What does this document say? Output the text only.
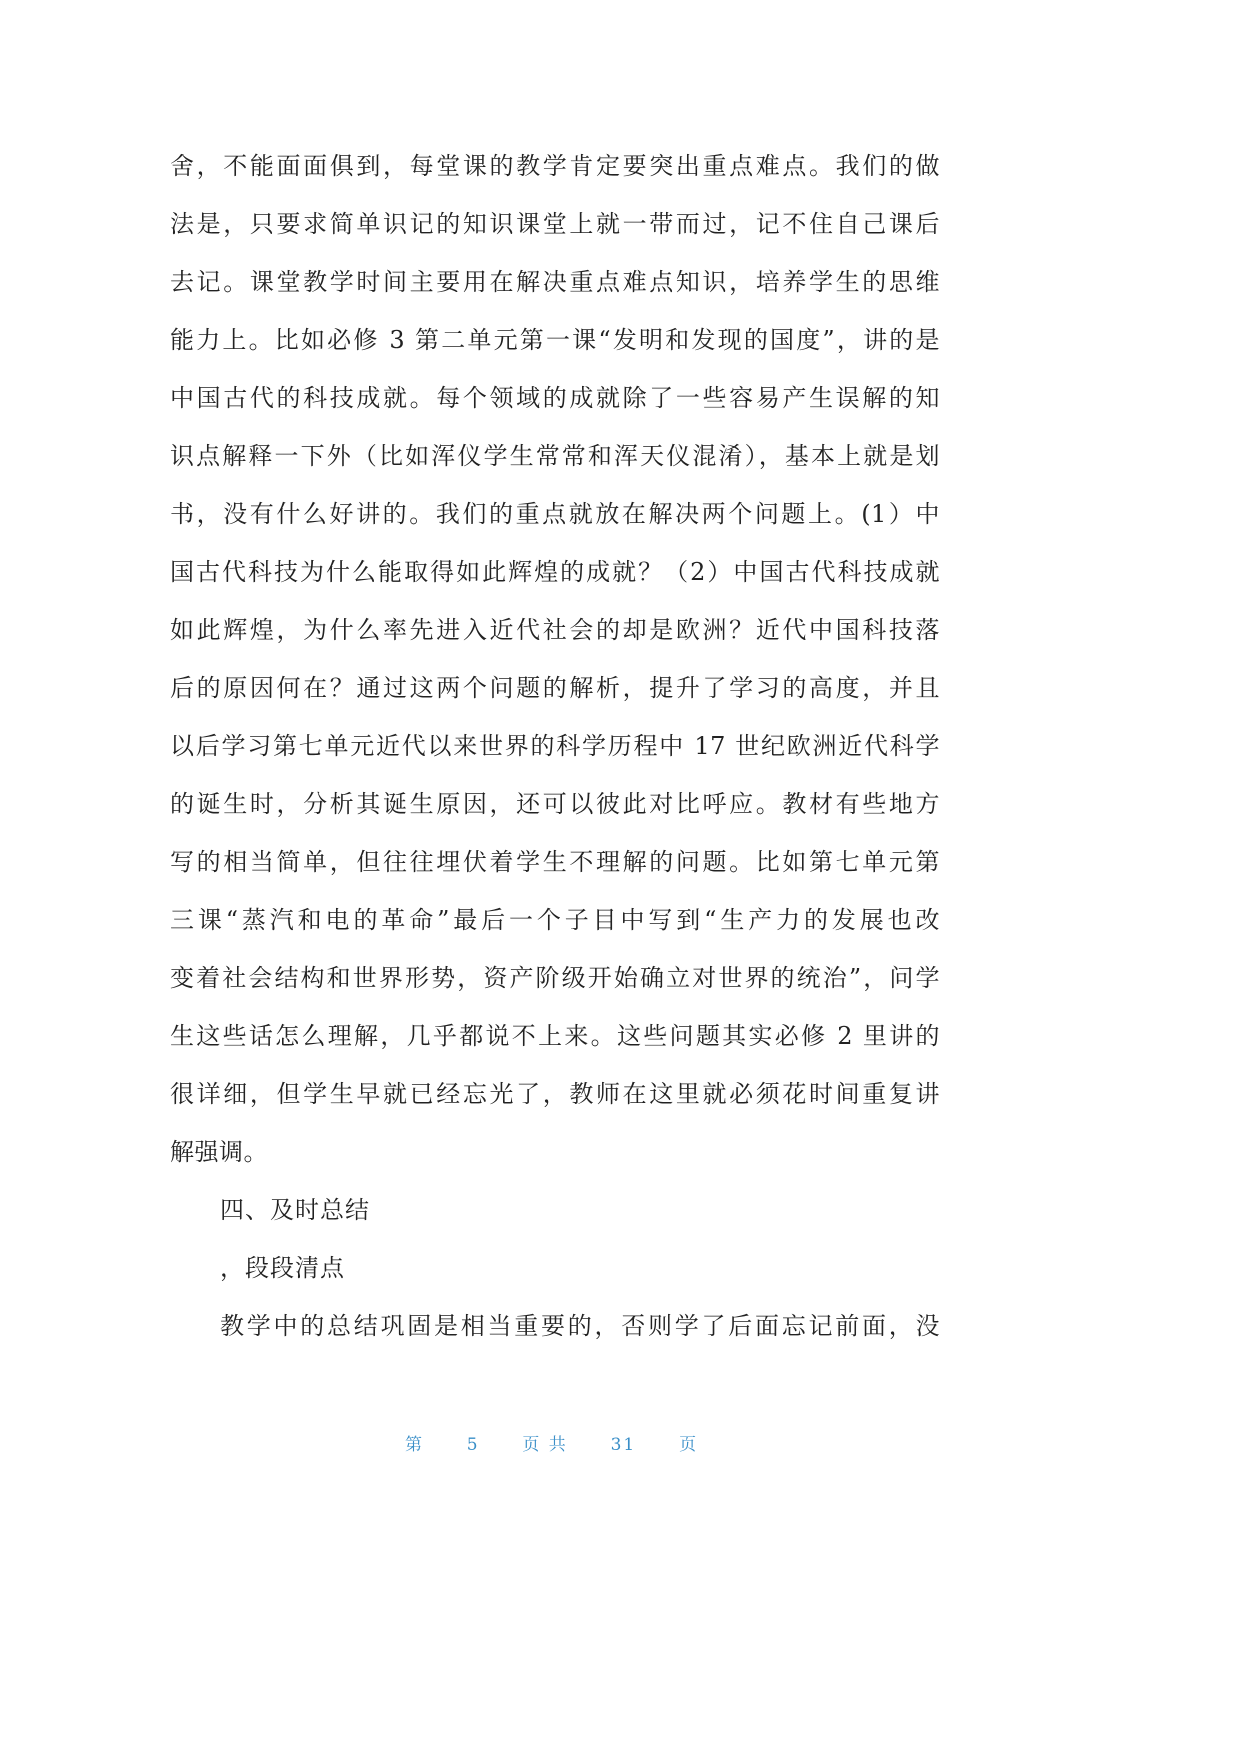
舍，不能面面俱到，每堂课的教学肯定要突出重点难点。我们的做
法是，只要求简单识记的知识课堂上就一带而过，记不住自己课后
去记。课堂教学时间主要用在解决重点难点知识，培养学生的思维
能力上。比如必修 3 第二单元第一课“发明和发现的国度”，讲的是
中国古代的科技成就。每个领域的成就除了一些容易产生误解的知
识点解释一下外（比如浑仪学生常常和浑天仪混淆），基本上就是划
书，没有什么好讲的。我们的重点就放在解决两个问题上。(1）中
国古代科技为什么能取得如此辉煌的成就？（2）中国古代科技成就
如此辉煌，为什么率先进入近代社会的却是欧洲？近代中国科技落
后的原因何在？通过这两个问题的解析，提升了学习的高度，并且
以后学习第七单元近代以来世界的科学历程中 17 世纪欧洲近代科学
的诞生时，分析其诞生原因，还可以彼此对比呼应。教材有些地方
写的相当简单，但往往埋伏着学生不理解的问题。比如第七单元第
三课“蒸汽和电的革命”最后一个子目中写到“生产力的发展也改
变着社会结构和世界形势，资产阶级开始确立对世界的统治”，问学
生这些话怎么理解，几乎都说不上来。这些问题其实必修 2 里讲的
很详细，但学生早就已经忘光了，教师在这里就必须花时间重复讲
解强调。
四、及时总结
，段段清点
教学中的总结巩固是相当重要的，否则学了后面忘记前面，没
第	5	页 共	31	页
